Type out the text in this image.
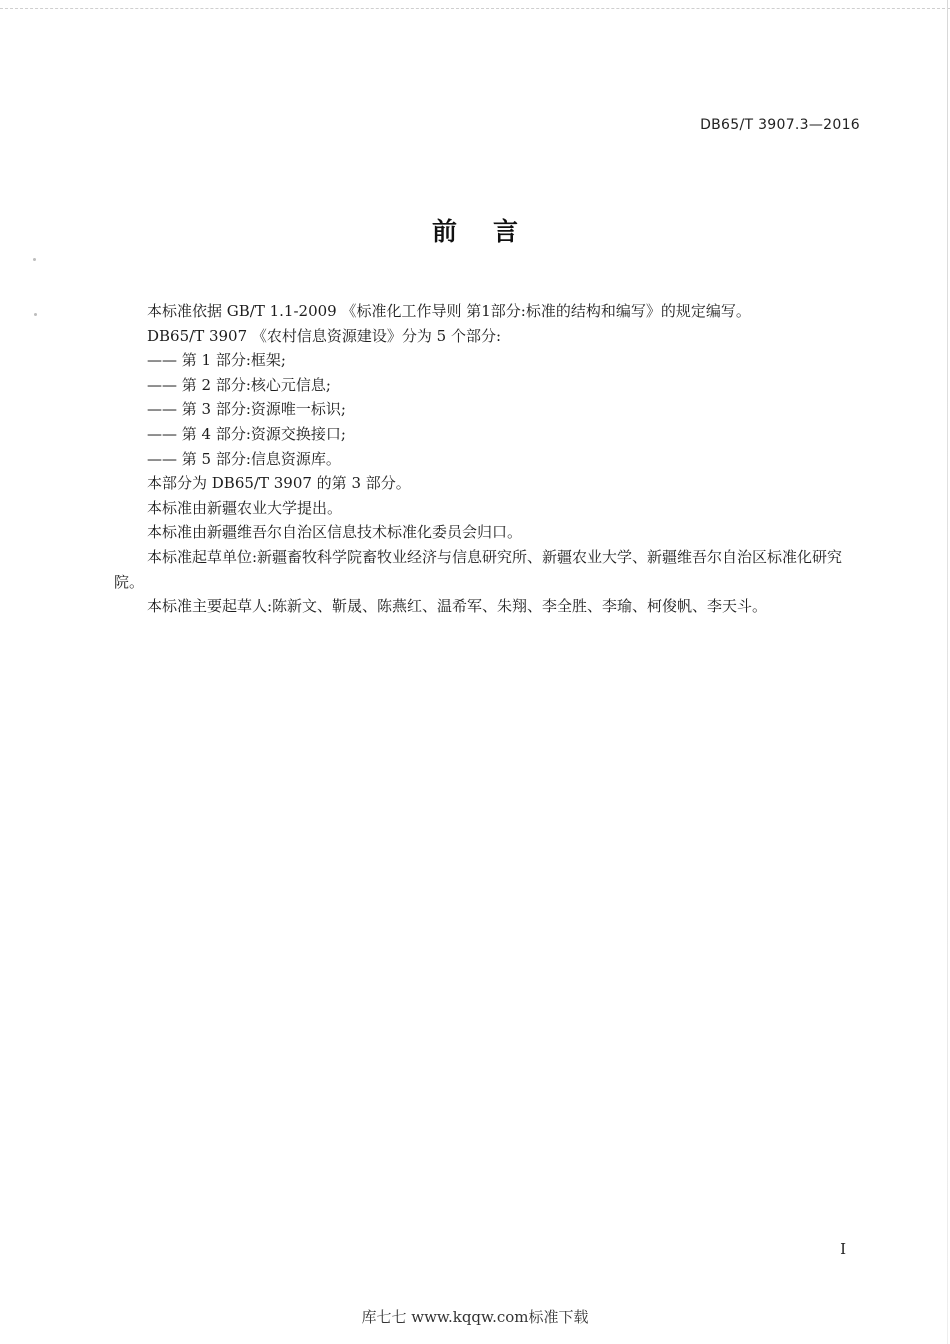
DB65/T 3907.3—2016
前言

本标准依据 GB/T 1.1-2009 《标准化工作导则 第1部分:标准的结构和编写》的规定编写。

DB65/T 3907 《农村信息资源建设》分为 5 个部分:

—— 第 1 部分:框架;

—— 第 2 部分:核心元信息;

—— 第 3 部分:资源唯一标识;

—— 第 4 部分:资源交换接口;

—— 第 5 部分:信息资源库。

本部分为 DB65/T 3907 的第 3 部分。

本标准由新疆农业大学提出。

本标准由新疆维吾尔自治区信息技术标准化委员会归口。

本标准起草单位:新疆畜牧科学院畜牧业经济与信息研究所、新疆农业大学、新疆维吾尔自治区标准化研究院。

本标准主要起草人:陈新文、靳晟、陈燕红、温希军、朱翔、李全胜、李瑜、柯俊帆、李天斗。

I
库七七 www.kqqw.com标准下载
